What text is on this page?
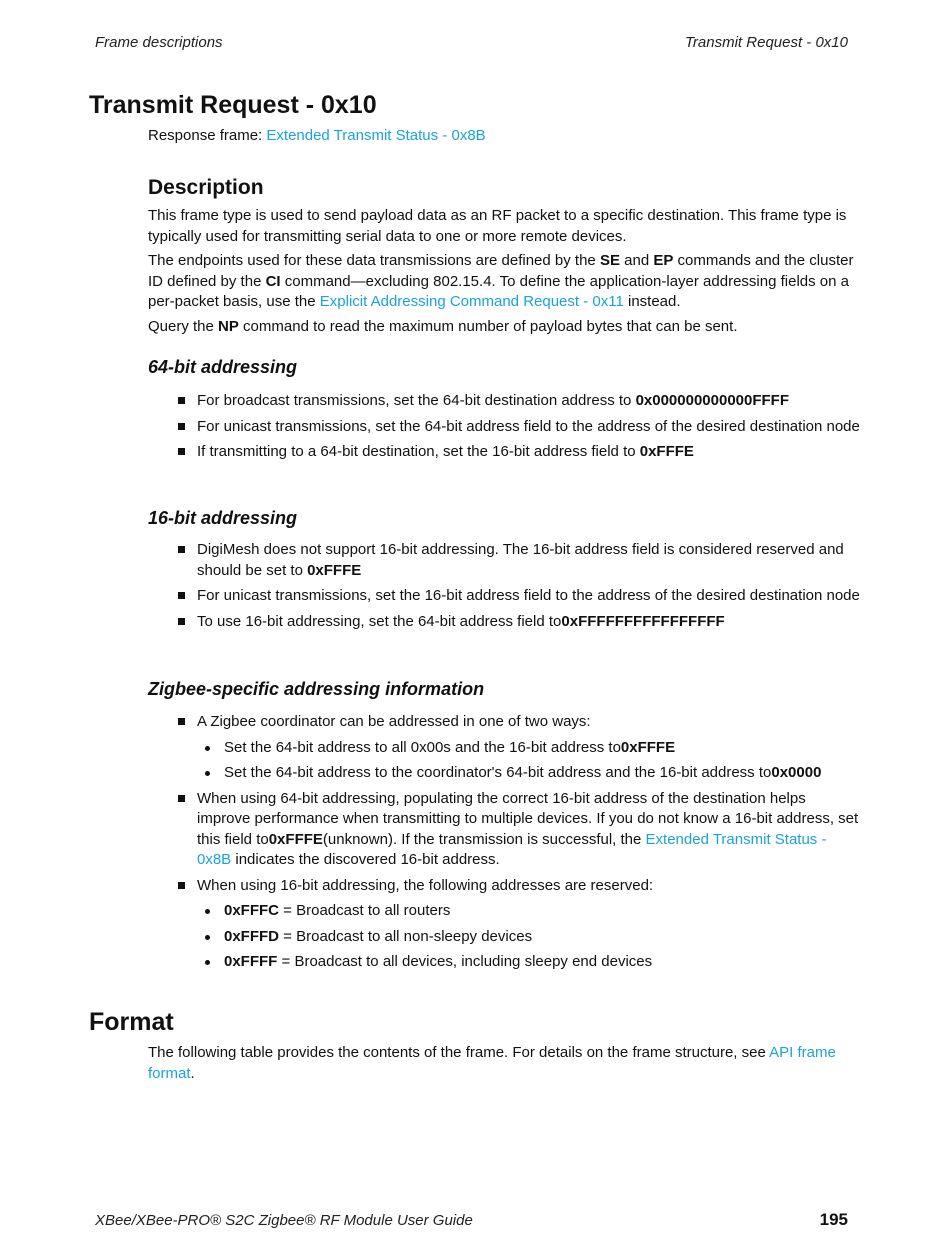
Frame descriptions	Transmit Request - 0x10
Transmit Request - 0x10

Response frame: Extended Transmit Status - 0x8B

Description

This frame type is used to send payload data as an RF packet to a specific destination. This frame type is typically used for transmitting serial data to one or more remote devices.

The endpoints used for these data transmissions are defined by the SE and EP commands and the cluster ID defined by the CI command—excluding 802.15.4. To define the application-layer addressing fields on a per-packet basis, use the Explicit Addressing Command Request - 0x11 instead.

Query the NP command to read the maximum number of payload bytes that can be sent.

64-bit addressing
For broadcast transmissions, set the 64-bit destination address to 0x000000000000FFFF
For unicast transmissions, set the 64-bit address field to the address of the desired destination node
If transmitting to a 64-bit destination, set the 16-bit address field to 0xFFFE
16-bit addressing
DigiMesh does not support 16-bit addressing. The 16-bit address field is considered reserved and should be set to 0xFFFE
For unicast transmissions, set the 16-bit address field to the address of the desired destination node
To use 16-bit addressing, set the 64-bit address field to0xFFFFFFFFFFFFFFFF
Zigbee-specific addressing information
A Zigbee coordinator can be addressed in one of two ways:
Set the 64-bit address to all 0x00s and the 16-bit address to0xFFFE
Set the 64-bit address to the coordinator's 64-bit address and the 16-bit address to0x0000
When using 64-bit addressing, populating the correct 16-bit address of the destination helps improve performance when transmitting to multiple devices. If you do not know a 16-bit address, set this field to0xFFFE(unknown). If the transmission is successful, the Extended Transmit Status - 0x8B indicates the discovered 16-bit address.
When using 16-bit addressing, the following addresses are reserved:
0xFFFC = Broadcast to all routers
0xFFFD = Broadcast to all non-sleepy devices
0xFFFF = Broadcast to all devices, including sleepy end devices
Format

The following table provides the contents of the frame. For details on the frame structure, see API frame format.

XBee/XBee-PRO® S2C Zigbee® RF Module User Guide	195
